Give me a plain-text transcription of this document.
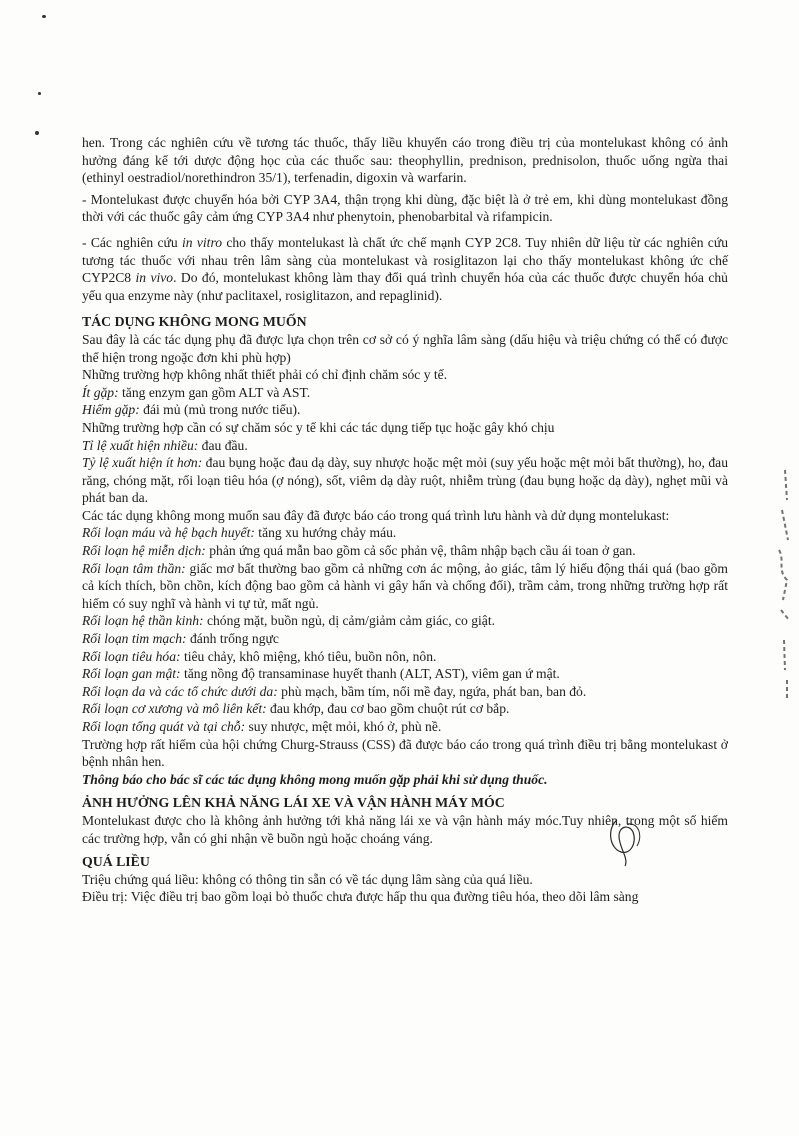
hen. Trong các nghiên cứu về tương tác thuốc, thấy liều khuyến cáo trong điều trị của montelukast không có ảnh hưởng đáng kể tới dược động học của các thuốc sau: theophyllin, prednison, prednisolon, thuốc uống ngừa thai (ethinyl oestradiol/norethindron 35/1), terfenadin, digoxin và warfarin.

- Montelukast được chuyển hóa bởi CYP 3A4, thận trọng khi dùng, đặc biệt là ở trẻ em, khi dùng montelukast đồng thời với các thuốc gây cảm ứng CYP 3A4 như phenytoin, phenobarbital và rifampicin.

- Các nghiên cứu in vitro cho thấy montelukast là chất ức chế mạnh CYP 2C8. Tuy nhiên dữ liệu từ các nghiên cứu tương tác thuốc với nhau trên lâm sàng của montelukast và rosiglitazon lại cho thấy montelukast không ức chế CYP2C8 in vivo. Do đó, montelukast không làm thay đổi quá trình chuyển hóa của các thuốc được chuyển hóa chủ yếu qua enzyme này (như paclitaxel, rosiglitazon, and repaglinid).

TÁC DỤNG KHÔNG MONG MUỐN

Sau đây là các tác dụng phụ đã được lựa chọn trên cơ sở có ý nghĩa lâm sàng (dấu hiệu và triệu chứng có thể có được thể hiện trong ngoặc đơn khi phù hợp)

Những trường hợp không nhất thiết phải có chỉ định chăm sóc y tế.

Ít gặp: tăng enzym gan gồm ALT và AST.

Hiếm gặp: đái mủ (mủ trong nước tiểu).

Những trường hợp cần có sự chăm sóc y tế khi các tác dụng tiếp tục hoặc gây khó chịu

Tỉ lệ xuất hiện nhiều: đau đầu.

Tỷ lệ xuất hiện ít hơn: đau bụng hoặc đau dạ dày, suy nhược hoặc mệt mỏi (suy yếu hoặc mệt mỏi bất thường), ho, đau răng, chóng mặt, rối loạn tiêu hóa (ợ nóng), sốt, viêm dạ dày ruột, nhiễm trùng (đau bụng hoặc dạ dày), nghẹt mũi và phát ban da.

Các tác dụng không mong muốn sau đây đã được báo cáo trong quá trình lưu hành và dử dụng montelukast:

Rối loạn máu và hệ bạch huyết: tăng xu hướng chảy máu.

Rối loạn hệ miễn dịch: phản ứng quá mẫn bao gồm cả sốc phản vệ, thâm nhập bạch cầu ái toan ở gan.

Rối loạn tâm thần: giấc mơ bất thường bao gồm cả những cơn ác mộng, ảo giác, tâm lý hiếu động thái quá (bao gồm cả kích thích, bồn chồn, kích động bao gồm cả hành vi gây hấn và chống đối), trầm cảm, trong những trường hợp rất hiếm có suy nghĩ và hành vi tự tử, mất ngủ.

Rối loạn hệ thần kinh: chóng mặt, buồn ngủ, dị cảm/giảm cảm giác, co giật.

Rối loạn tim mạch: đánh trống ngực

Rối loạn tiêu hóa: tiêu chảy, khô miệng, khó tiêu, buồn nôn, nôn.

Rối loạn gan mật: tăng nồng độ transaminase huyết thanh (ALT, AST), viêm gan ứ mật.

Rối loạn da và các tổ chức dưới da: phù mạch, bầm tím, nổi mề đay, ngứa, phát ban, ban đỏ.

Rối loạn cơ xương và mô liên kết: đau khớp, đau cơ bao gồm chuột rút cơ bắp.

Rối loạn tổng quát và tại chỗ: suy nhược, mệt mỏi, khó ở, phù nề.

Trường hợp rất hiếm của hội chứng Churg-Strauss (CSS) đã được báo cáo trong quá trình điều trị bằng montelukast ở bệnh nhân hen.

Thông báo cho bác sĩ các tác dụng không mong muốn gặp phải khi sử dụng thuốc.

ẢNH HƯỞNG LÊN KHẢ NĂNG LÁI XE VÀ VẬN HÀNH MÁY MÓC

Montelukast được cho là không ảnh hưởng tới khả năng lái xe và vận hành máy móc.Tuy nhiên, trong một số hiếm các trường hợp, vẫn có ghi nhận về buồn ngủ hoặc choáng váng.

QUÁ LIỀU

Triệu chứng quá liều: không có thông tin sẵn có về tác dụng lâm sàng của quá liều.

Điều trị: Việc điều trị bao gồm loại bỏ thuốc chưa được hấp thu qua đường tiêu hóa, theo dõi lâm sàng
